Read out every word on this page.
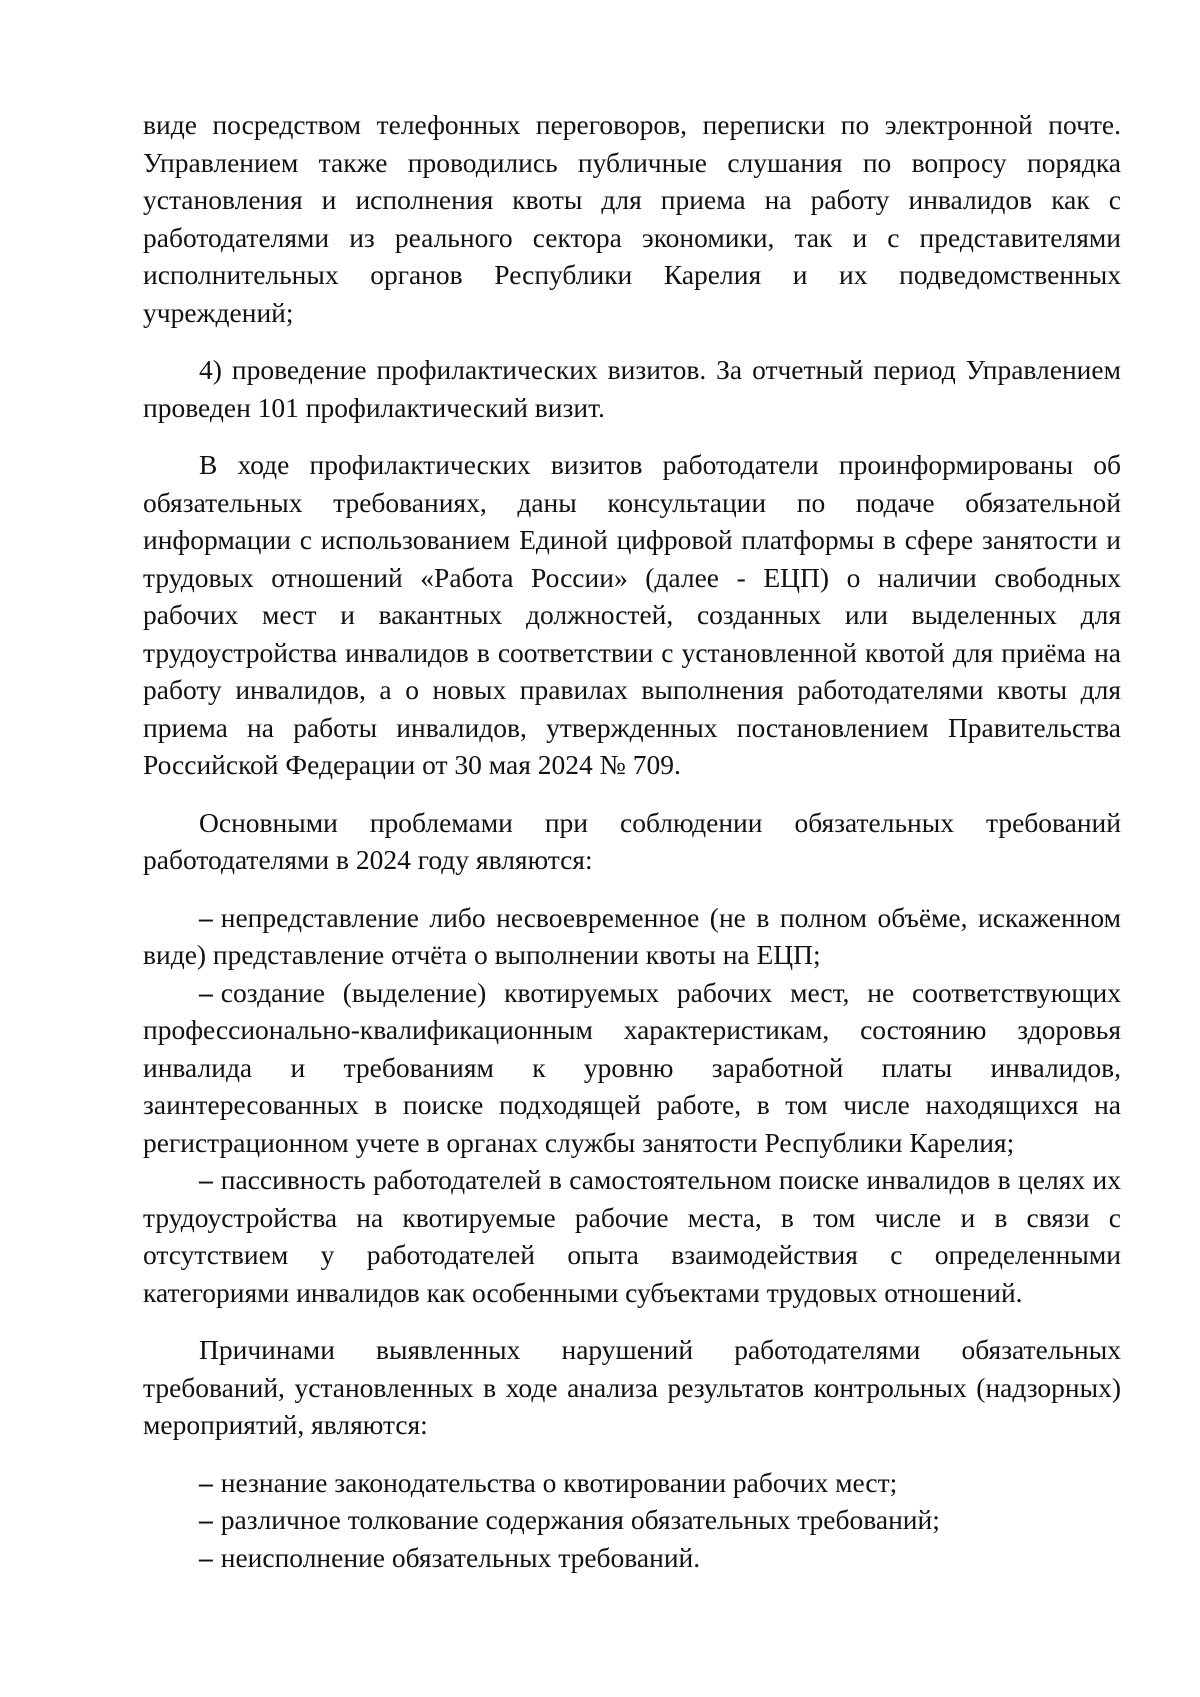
виде посредством телефонных переговоров, переписки по электронной почте. Управлением также проводились публичные слушания по вопросу порядка установления и исполнения квоты для приема на работу инвалидов как с работодателями из реального сектора экономики, так и с представителями исполнительных органов Республики Карелия и их подведомственных учреждений;

4) проведение профилактических визитов. За отчетный период Управлением проведен 101 профилактический визит.

В ходе профилактических визитов работодатели проинформированы об обязательных требованиях, даны консультации по подаче обязательной информации с использованием Единой цифровой платформы в сфере занятости и трудовых отношений «Работа России» (далее - ЕЦП) о наличии свободных рабочих мест и вакантных должностей, созданных или выделенных для трудоустройства инвалидов в соответствии с установленной квотой для приёма на работу инвалидов, а о новых правилах выполнения работодателями квоты для приема на работы инвалидов, утвержденных постановлением Правительства Российской Федерации от 30 мая 2024 № 709.

Основными проблемами при соблюдении обязательных требований работодателями в 2024 году являются:

– непредставление либо несвоевременное (не в полном объёме, искаженном виде) представление отчёта о выполнении квоты на ЕЦП;

– создание (выделение) квотируемых рабочих мест, не соответствующих профессионально-квалификационным характеристикам, состоянию здоровья инвалида и требованиям к уровню заработной платы инвалидов, заинтересованных в поиске подходящей работе, в том числе находящихся на регистрационном учете в органах службы занятости Республики Карелия;

– пассивность работодателей в самостоятельном поиске инвалидов в целях их трудоустройства на квотируемые рабочие места, в том числе и в связи с отсутствием у работодателей опыта взаимодействия с определенными категориями инвалидов как особенными субъектами трудовых отношений.

Причинами выявленных нарушений работодателями обязательных требований, установленных в ходе анализа результатов контрольных (надзорных) мероприятий, являются:

– незнание законодательства о квотировании рабочих мест;

– различное толкование содержания обязательных требований;

– неисполнение обязательных требований.
